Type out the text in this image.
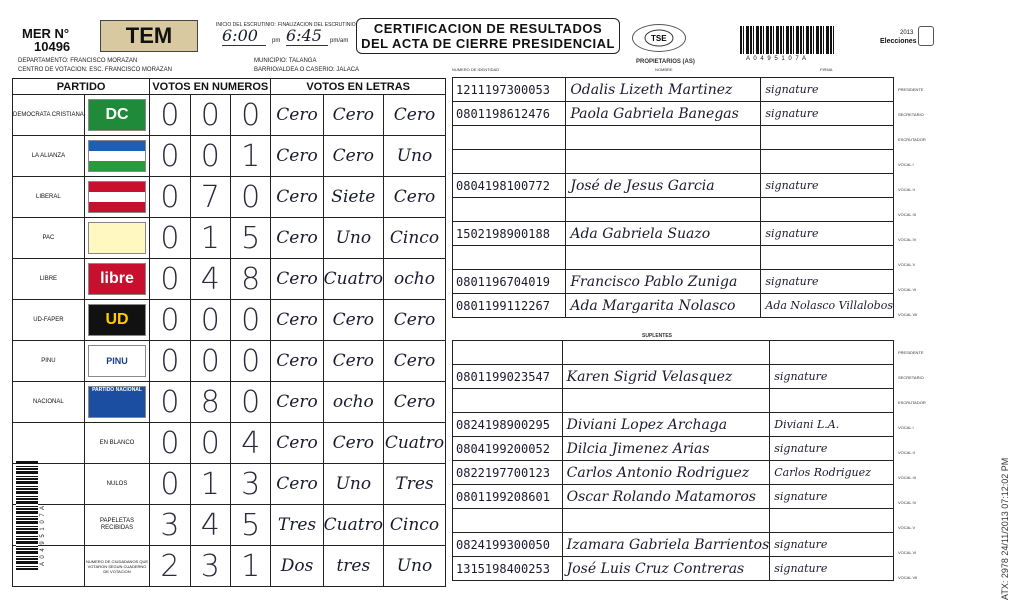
MER N°
10496	TEM	INICIO DEL ESCRUTINIO: FINALIZACION DEL ESCRUTINIO:
6:00	pm 6:45	pm/am
CERTIFICACION DE RESULTADOS
DEL ACTA DE CIERRE PRESIDENCIAL	TSE
A 0 4 9 5 1 0 7 A
Elecciones
2013
DEPARTAMENTO: FRANCISCO MORAZAN
CENTRO DE VOTACION: ESC. FRANCISCO MORAZAN
MUNICIPIO: TALANGA
BARRIO/ALDEA O CASERIO: JALACA
PARTIDO		VOTOS EN NUMEROS			VOTOS EN LETRAS		
DEMOCRATA CRISTIANA	DC	0	0	0	Cero	Cero	Cero
LA ALIANZA		0	0	1	Cero	Cero	Uno
LIBERAL		0	7	0	Cero	Siete	Cero
PAC		0	1	5	Cero	Uno	Cinco
LIBRE	libre	0	4	8	Cero	Cuatro	ocho
UD-FAPER	UD	0	0	0	Cero	Cero	Cero
PINU	PINU	0	0	0	Cero	Cero	Cero
NACIONAL	PARTIDO NACIONAL	0	8	0	Cero	ocho	Cero
	EN BLANCO	0	0	4	Cero	Cero	Cuatro
	NULOS	0	1	3	Cero	Uno	Tres
	PAPELETAS RECIBIDAS	3	4	5	Tres	Cuatro	Cinco
	NUMERO DE CIUDADANOS QUE VOTARON SEGUN CUADERNO DE VOTACION	2	3	1	Dos	tres	Uno
A 0 4 9 5 1 0 7 A
NUMERO DE IDENTIDAD
PROPIETARIOS (AS)
NOMBRE	FIRMA
1211197300053	Odalis Lizeth Martinez	signature
0801198612476	Paola Gabriela Banegas	signature

0804198100772	José de Jesus Garcia	signature

1502198900188	Ada Gabriela Suazo	signature

0801196704019	Francisco Pablo Zuniga	signature
0801199112267	Ada Margarita Nolasco	Ada Nolasco Villalobos
SUPLENTES

0801199023547	Karen Sigrid Velasquez	signature

0824198900295	Diviani Lopez Archaga	Diviani L.A.
0804199200052	Dilcia Jimenez Arias	signature
0822197700123	Carlos Antonio Rodriguez	Carlos Rodriguez
0801199208601	Oscar Rolando Matamoros	signature

0824199300050	Izamara Gabriela Barrientos	signature
1315198400253	José Luis Cruz Contreras	signature
PRESIDENTE
SECRETARIO
ESCRUTADOR
VOCAL I
VOCAL II
VOCAL III
VOCAL IV
VOCAL V
VOCAL VI
VOCAL VII
PRESIDENTE
SECRETARIO
ESCRUTADOR
VOCAL I
VOCAL II
VOCAL III
VOCAL IV
VOCAL V
VOCAL VI
VOCAL VII	ATX: 2978 24/11/2013 07:12:02 PM
